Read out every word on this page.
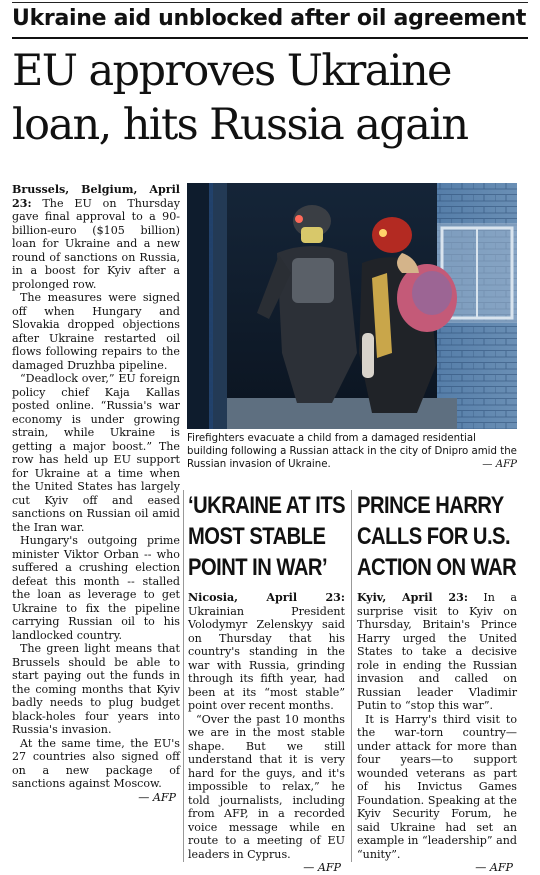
Ukraine aid unblocked after oil agreement
EU approves Ukraine
loan, hits Russia again

Brussels, Belgium, April 23: The EU on Thursday gave final approval to a 90-billion-euro ($105 billion) loan for Ukraine and a new round of sanctions on Russia, in a boost for Kyiv after a prolonged row.

The measures were signed off when Hungary and Slovakia dropped objections after Ukraine restarted oil flows following repairs to the damaged Druzhba pipeline.

“Deadlock over,” EU foreign policy chief Kaja Kallas posted online. “Russia's war economy is under growing strain, while Ukraine is getting a major boost.” The row has held up EU support for Ukraine at a time when the United States has largely cut Kyiv off and eased sanctions on Russian oil amid the Iran war.

Hungary's outgoing prime minister Viktor Orban -- who suffered a crushing election defeat this month -- stalled the loan as leverage to get Ukraine to fix the pipeline carrying Russian oil to his landlocked country.

The green light means that Brussels should be able to start paying out the funds in the coming months that Kyiv badly needs to plug budget black-holes four years into Russia's invasion.

At the same time, the EU's 27 countries also signed off on a new package of sanctions against Moscow.

— AFP

Firefighters evacuate a child from a damaged residential building following a Russian attack in the city of Dnipro amid the Russian invasion of Ukraine.	— AFP
‘UKRAINE AT ITS
MOST STABLE
POINT IN WAR’

Nicosia, April 23: Ukrainian President Volodymyr Zelenskyy said on Thursday that his country's standing in the war with Russia, grinding through its fifth year, had been at its “most stable” point over recent months.

“Over the past 10 months we are in the most stable shape. But we still understand that it is very hard for the guys, and it's impossible to relax,” he told journalists, including from AFP, in a recorded voice message while en route to a meeting of EU leaders in Cyprus.

— AFP

PRINCE HARRY
CALLS FOR U.S.
ACTION ON WAR

Kyiv, April 23: In a surprise visit to Kyiv on Thursday, Britain's Prince Harry urged the United States to take a decisive role in ending the Russian invasion and called on Russian leader Vladimir Putin to “stop this war”.

It is Harry's third visit to the war-torn country—under attack for more than four years—to support wounded veterans as part of his Invictus Games Foundation. Speaking at the Kyiv Security Forum, he said Ukraine had set an example in “leadership” and “unity”.

— AFP
